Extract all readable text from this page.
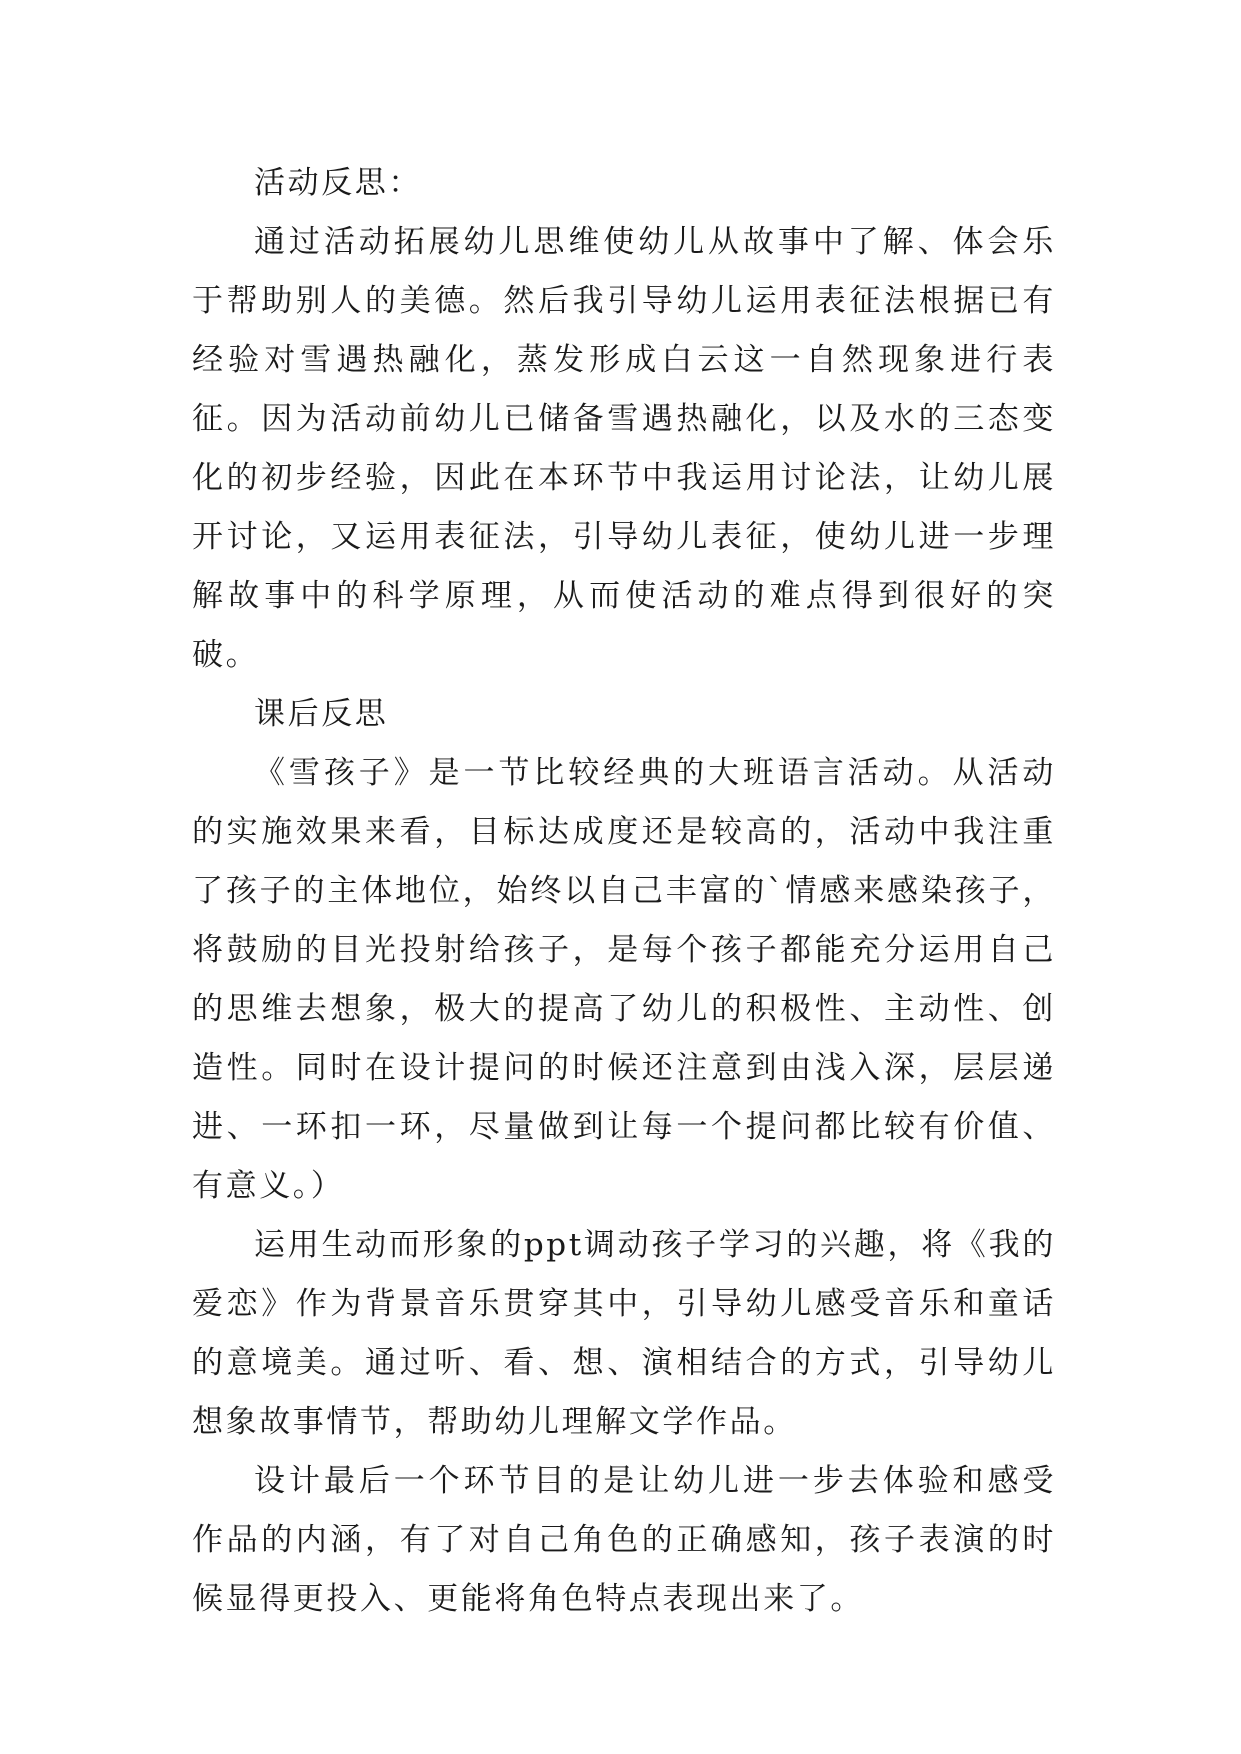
活动反思：

通过活动拓展幼儿思维使幼儿从故事中了解、体会乐于帮助别人的美德。然后我引导幼儿运用表征法根据已有经验对雪遇热融化，蒸发形成白云这一自然现象进行表征。因为活动前幼儿已储备雪遇热融化，以及水的三态变化的初步经验，因此在本环节中我运用讨论法，让幼儿展开讨论，又运用表征法，引导幼儿表征，使幼儿进一步理解故事中的科学原理，从而使活动的难点得到很好的突破。

课后反思

《雪孩子》是一节比较经典的大班语言活动。从活动的实施效果来看，目标达成度还是较高的，活动中我注重了孩子的主体地位，始终以自己丰富的`情感来感染孩子，将鼓励的目光投射给孩子，是每个孩子都能充分运用自己的思维去想象，极大的提高了幼儿的积极性、主动性、创造性。同时在设计提问的时候还注意到由浅入深，层层递进、一环扣一环，尽量做到让每一个提问都比较有价值、有意义。）

运用生动而形象的ppt调动孩子学习的兴趣，将《我的爱恋》作为背景音乐贯穿其中，引导幼儿感受音乐和童话的意境美。通过听、看、想、演相结合的方式，引导幼儿想象故事情节，帮助幼儿理解文学作品。

设计最后一个环节目的是让幼儿进一步去体验和感受作品的内涵，有了对自己角色的正确感知，孩子表演的时候显得更投入、更能将角色特点表现出来了。
